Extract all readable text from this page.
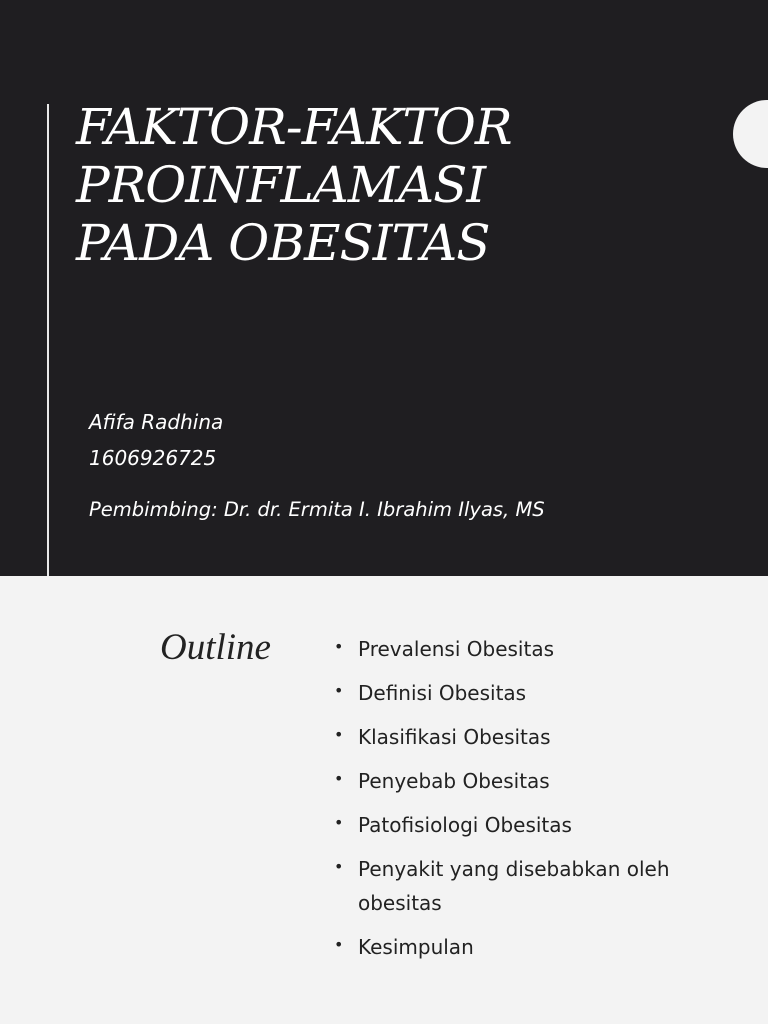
FAKTOR-FAKTOR
PROINFLAMASI
PADA OBESITAS
Afifa Radhina
1606926725
Pembimbing: Dr. dr. Ermita I. Ibrahim Ilyas, MS
Outline	• Prevalensi Obesitas
• Definisi Obesitas
• Klasifikasi Obesitas
• Penyebab Obesitas
• Patofisiologi Obesitas
• Penyakit yang disebabkan oleh obesitas
• Kesimpulan
